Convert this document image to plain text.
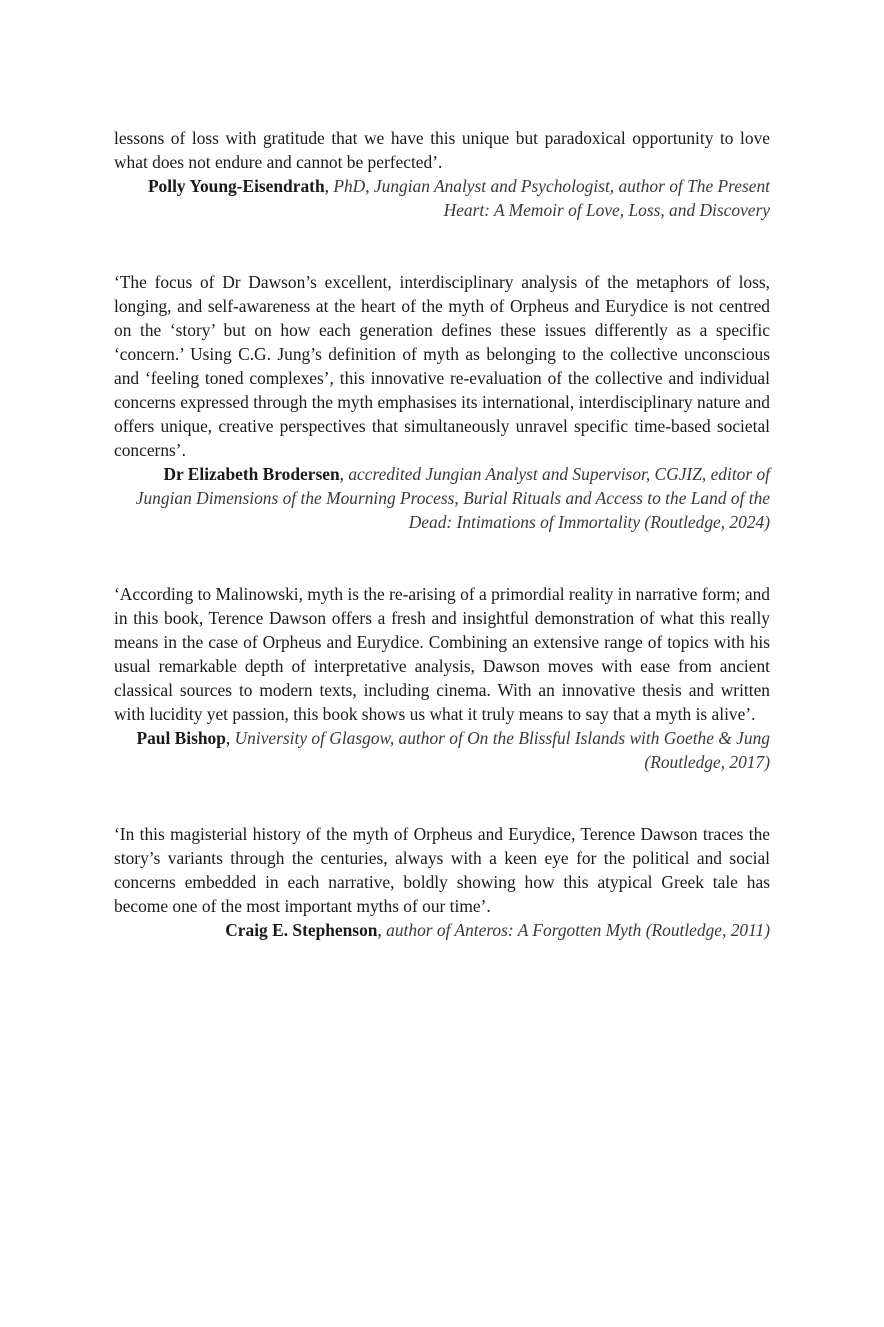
lessons of loss with gratitude that we have this unique but paradoxical opportunity to love what does not endure and cannot be perfected’.

Polly Young-Eisendrath, PhD, Jungian Analyst and Psychologist, author of The Present Heart: A Memoir of Love, Loss, and Discovery

‘The focus of Dr Dawson’s excellent, interdisciplinary analysis of the metaphors of loss, longing, and self-awareness at the heart of the myth of Orpheus and Eurydice is not centred on the ‘story’ but on how each generation defines these issues differently as a specific ‘concern.’ Using C.G. Jung’s definition of myth as belonging to the collective unconscious and ‘feeling toned complexes’, this innovative re-evaluation of the collective and individual concerns expressed through the myth emphasises its international, interdisciplinary nature and offers unique, creative perspectives that simultaneously unravel specific time-based societal concerns’.

Dr Elizabeth Brodersen, accredited Jungian Analyst and Supervisor, CGJIZ, editor of Jungian Dimensions of the Mourning Process, Burial Rituals and Access to the Land of the Dead: Intimations of Immortality (Routledge, 2024)

‘According to Malinowski, myth is the re-arising of a primordial reality in narrative form; and in this book, Terence Dawson offers a fresh and insightful demonstration of what this really means in the case of Orpheus and Eurydice. Combining an extensive range of topics with his usual remarkable depth of interpretative analysis, Dawson moves with ease from ancient classical sources to modern texts, including cinema. With an innovative thesis and written with lucidity yet passion, this book shows us what it truly means to say that a myth is alive’.

Paul Bishop, University of Glasgow, author of On the Blissful Islands with Goethe & Jung (Routledge, 2017)

‘In this magisterial history of the myth of Orpheus and Eurydice, Terence Dawson traces the story’s variants through the centuries, always with a keen eye for the political and social concerns embedded in each narrative, boldly showing how this atypical Greek tale has become one of the most important myths of our time’.

Craig E. Stephenson, author of Anteros: A Forgotten Myth (Routledge, 2011)
